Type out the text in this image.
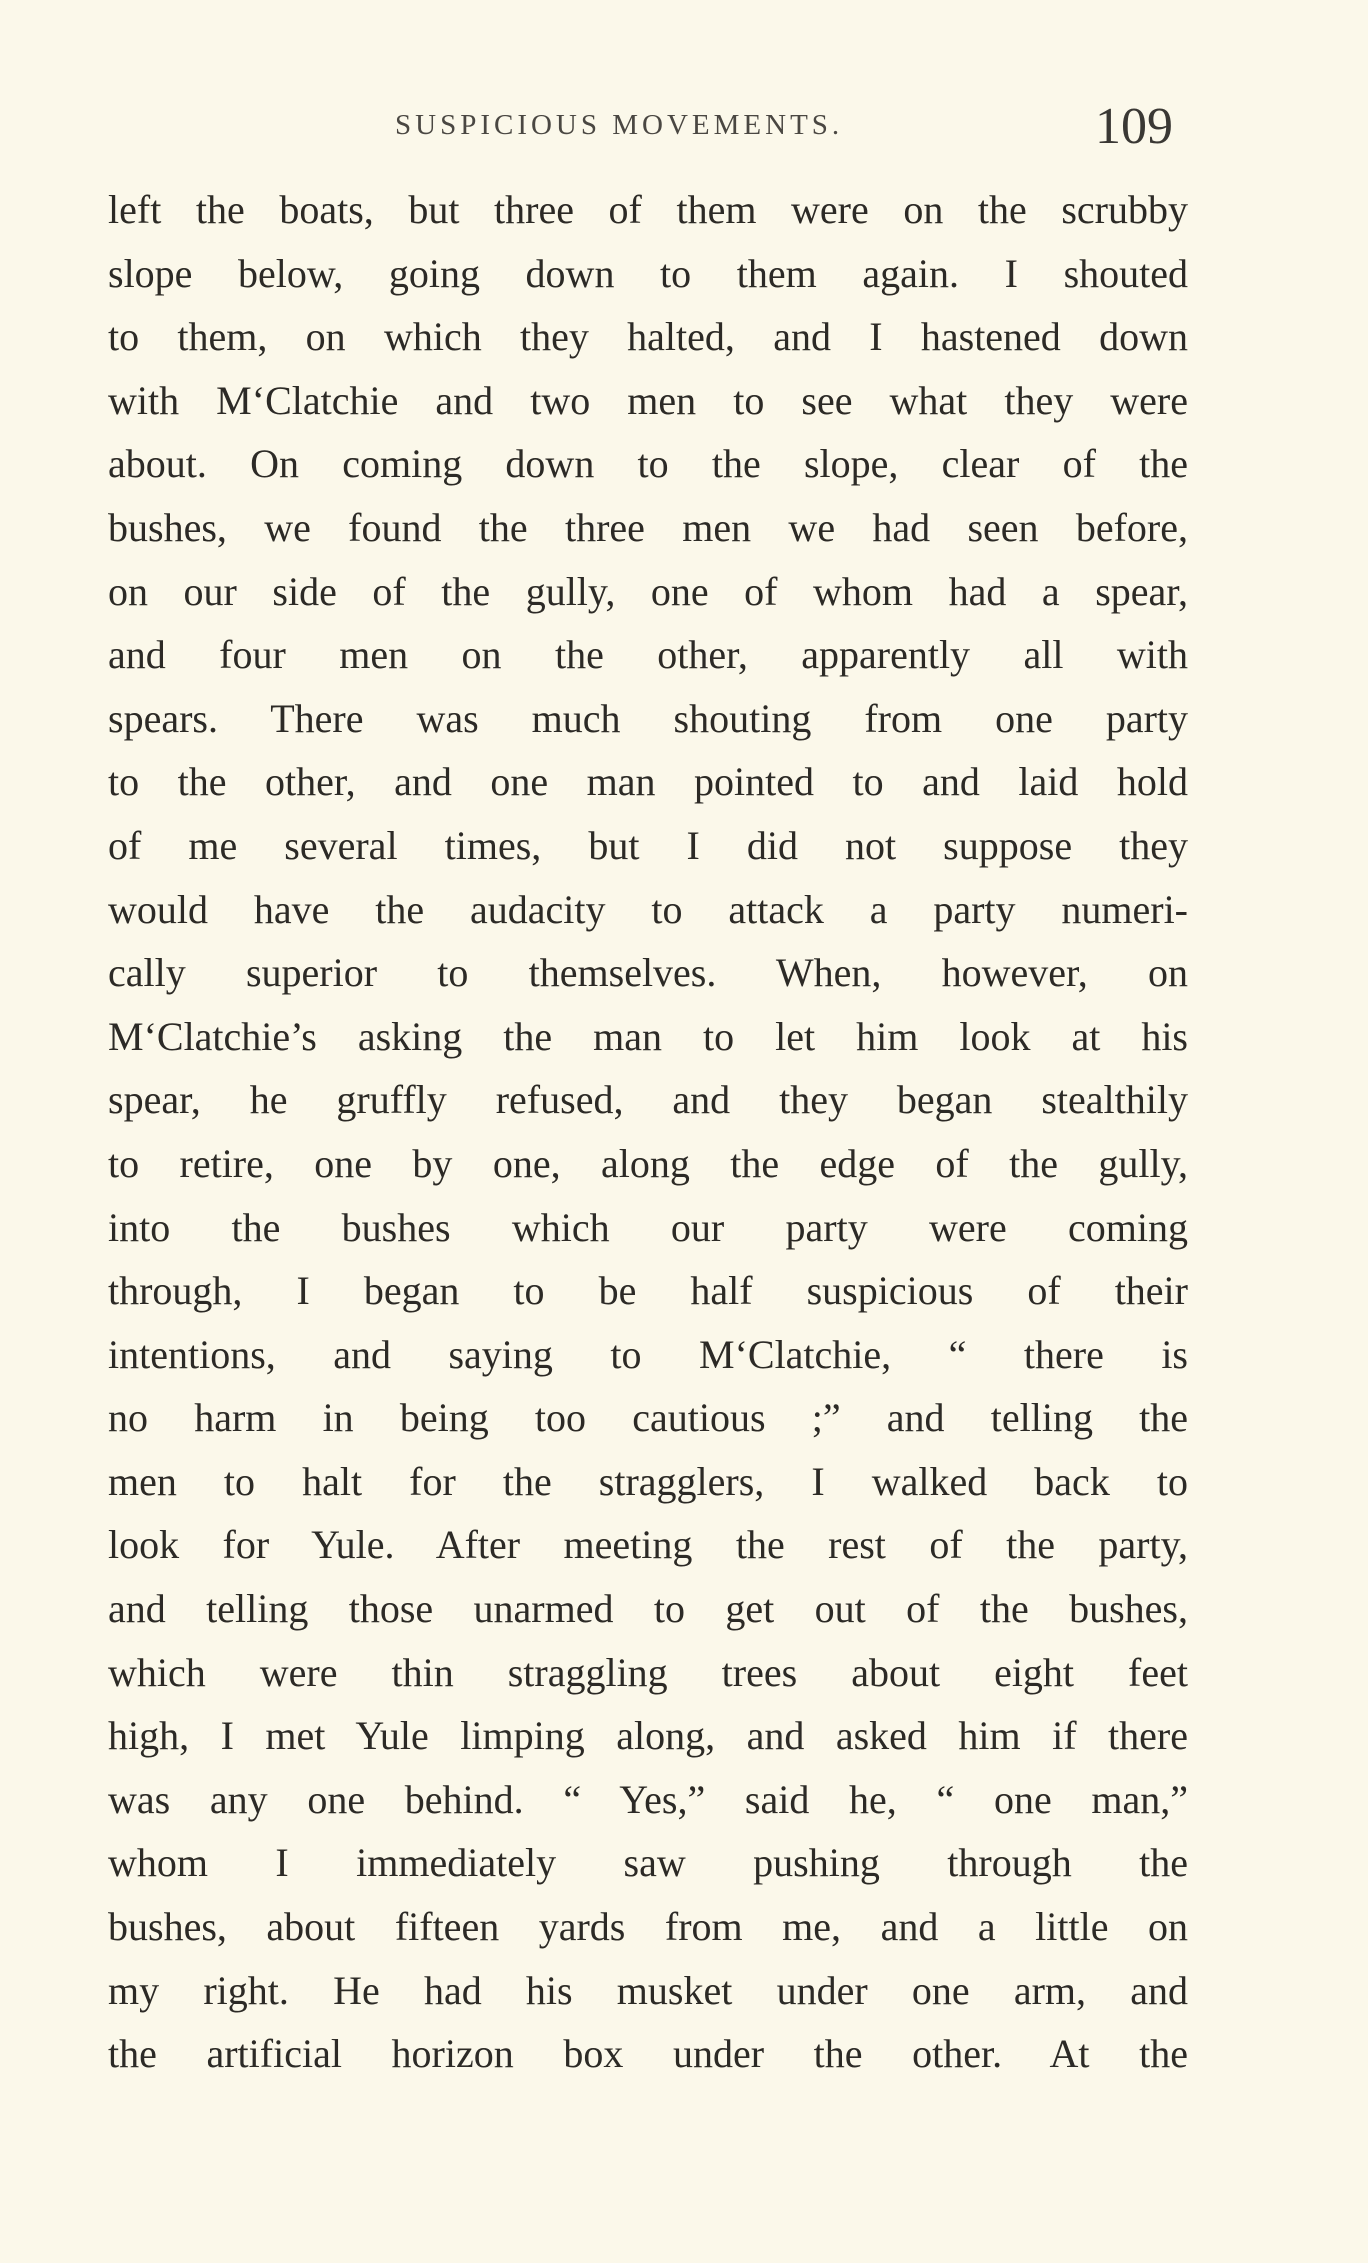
SUSPICIOUS MOVEMENTS.	109
left the boats, but three of them were on the scrubby
slope below, going down to them again. I shouted
to them, on which they halted, and I hastened down
with M‘Clatchie and two men to see what they were
about. On coming down to the slope, clear of the
bushes, we found the three men we had seen before,
on our side of the gully, one of whom had a spear,
and four men on the other, apparently all with
spears. There was much shouting from one party
to the other, and one man pointed to and laid hold
of me several times, but I did not suppose they
would have the audacity to attack a party numeri-
cally superior to themselves. When, however, on
M‘Clatchie’s asking the man to let him look at his
spear, he gruffly refused, and they began stealthily
to retire, one by one, along the edge of the gully,
into the bushes which our party were coming
through, I began to be half suspicious of their
intentions, and saying to M‘Clatchie, “ there is
no harm in being too cautious ;” and telling the
men to halt for the stragglers, I walked back to
look for Yule. After meeting the rest of the party,
and telling those unarmed to get out of the bushes,
which were thin straggling trees about eight feet
high, I met Yule limping along, and asked him if there
was any one behind. “ Yes,” said he, “ one man,”
whom I immediately saw pushing through the
bushes, about fifteen yards from me, and a little on
my right. He had his musket under one arm, and
the artificial horizon box under the other. At the
